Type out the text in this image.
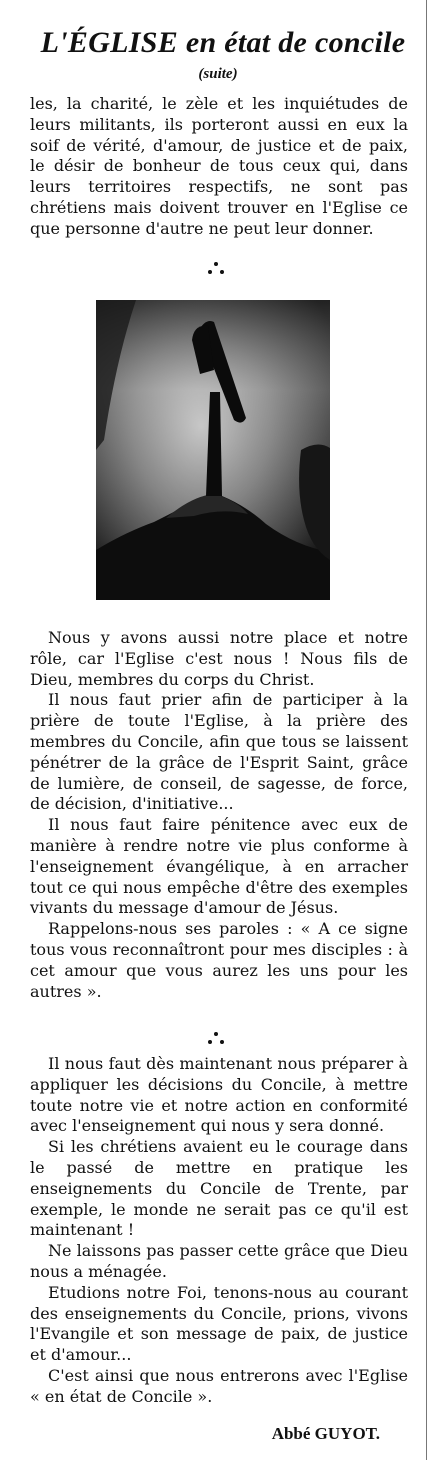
L'ÉGLISE en état de concile
(suite)

les, la charité, le zèle et les inquiétudes de leurs militants, ils porteront aussi en eux la soif de vérité, d'amour, de justice et de paix, le désir de bonheur de tous ceux qui, dans leurs territoires respectifs, ne sont pas chrétiens mais doivent trouver en l'Eglise ce que personne d'autre ne peut leur donner.

Nous y avons aussi notre place et notre rôle, car l'Eglise c'est nous ! Nous fils de Dieu, membres du corps du Christ.

Il nous faut prier afin de participer à la prière de toute l'Eglise, à la prière des membres du Concile, afin que tous se laissent pénétrer de la grâce de l'Esprit Saint, grâce de lumière, de conseil, de sagesse, de force, de décision, d'initiative...

Il nous faut faire pénitence avec eux de manière à rendre notre vie plus conforme à l'enseignement évangélique, à en arracher tout ce qui nous empêche d'être des exemples vivants du message d'amour de Jésus.

Rappelons-nous ses paroles : « A ce signe tous vous reconnaîtront pour mes disciples : à cet amour que vous aurez les uns pour les autres ».

Il nous faut dès maintenant nous préparer à appliquer les décisions du Concile, à mettre toute notre vie et notre action en conformité avec l'enseignement qui nous y sera donné.

Si les chrétiens avaient eu le courage dans le passé de mettre en pratique les enseignements du Concile de Trente, par exemple, le monde ne serait pas ce qu'il est maintenant !

Ne laissons pas passer cette grâce que Dieu nous a ménagée.

Etudions notre Foi, tenons-nous au courant des enseignements du Concile, prions, vivons l'Evangile et son message de paix, de justice et d'amour...

C'est ainsi que nous entrerons avec l'Eglise « en état de Concile ».

Abbé GUYOT.
